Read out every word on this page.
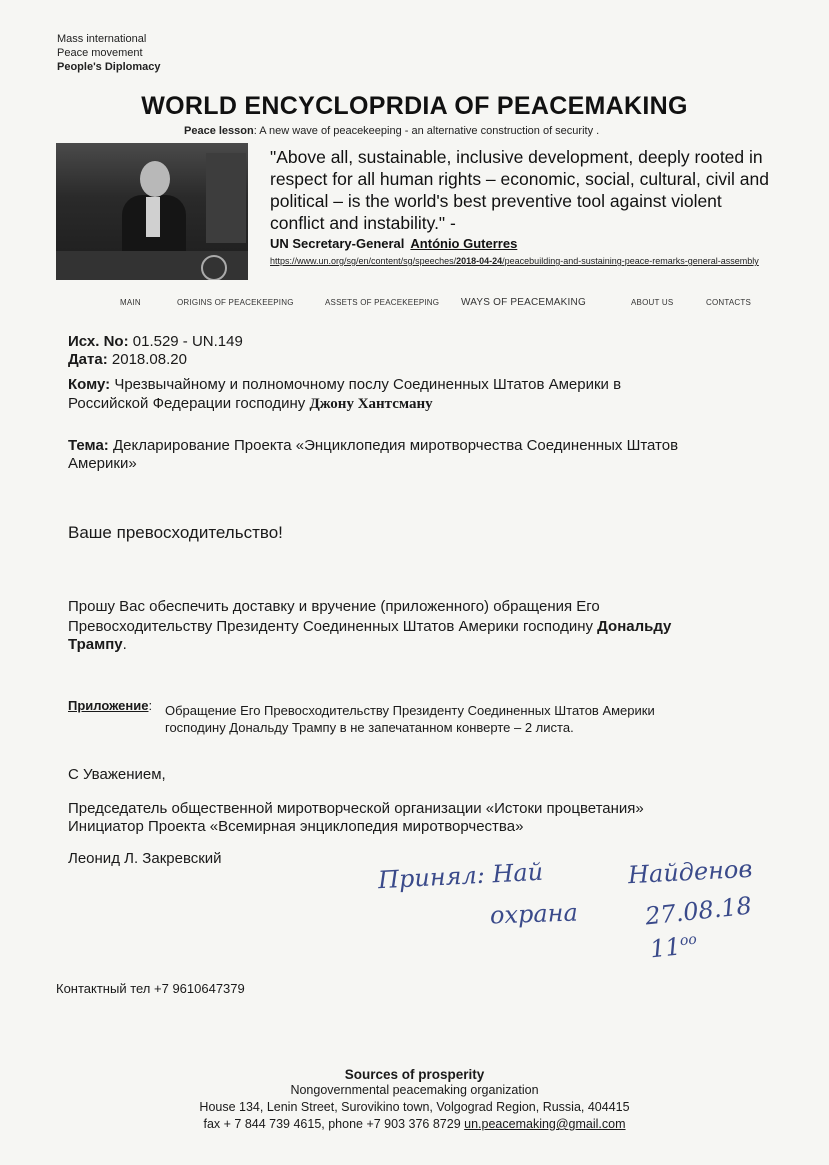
Mass international
Peace movement
People's Diplomacy
WORLD ENCYCLOPRDIA OF PEACEMAKING
Peace lesson: A new wave of peacekeeping - an alternative construction of security .
"Above all, sustainable, inclusive development, deeply rooted in respect for all human rights – economic, social, cultural, civil and political – is the world's best preventive tool against violent conflict and instability." -
UN Secretary-General António Guterres
https://www.un.org/sg/en/content/sg/speeches/2018-04-24/peacebuilding-and-sustaining-peace-remarks-general-assembly
MAIN	ORIGINS OF PEACEKEEPING	ASSETS OF PEACEKEEPING WAYS OF PEACEMAKING	ABOUT US	CONTACTS
Исх. No: 01.529 - UN.149
Дата: 2018.08.20
Кому: Чрезвычайному и полномочному послу Соединенных Штатов Америки в
Российской Федерации господину Джону Хантсману
Тема: Декларирование Проекта «Энциклопедия миротворчества Соединенных Штатов
Америки»
Ваше превосходительство!
Прошу Вас обеспечить доставку и вручение (приложенного) обращения Его
Превосходительству Президенту Соединенных Штатов Америки господину Дональду
Трампу.
Приложение: Обращение Его Превосходительству Президенту Соединенных Штатов Америки
господину Дональду Трампу в не запечатанном конверте – 2 листа.
С Уважением,
Председатель общественной миротворческой организации «Истоки процветания»
Инициатор Проекта «Всемирная энциклопедия миротворчества»
Леонид Л. Закревский	Принял: Най	Найденов
охрана	27.08.18
$11^{oo}$
Контактный тел +7 9610647379
Sources of prosperity
Nongovernmental peacemaking organization
House 134, Lenin Street, Surovikino town, Volgograd Region, Russia, 404415
fax + 7 844 739 4615, phone +7 903 376 8729 un.peacemaking@gmail.com
